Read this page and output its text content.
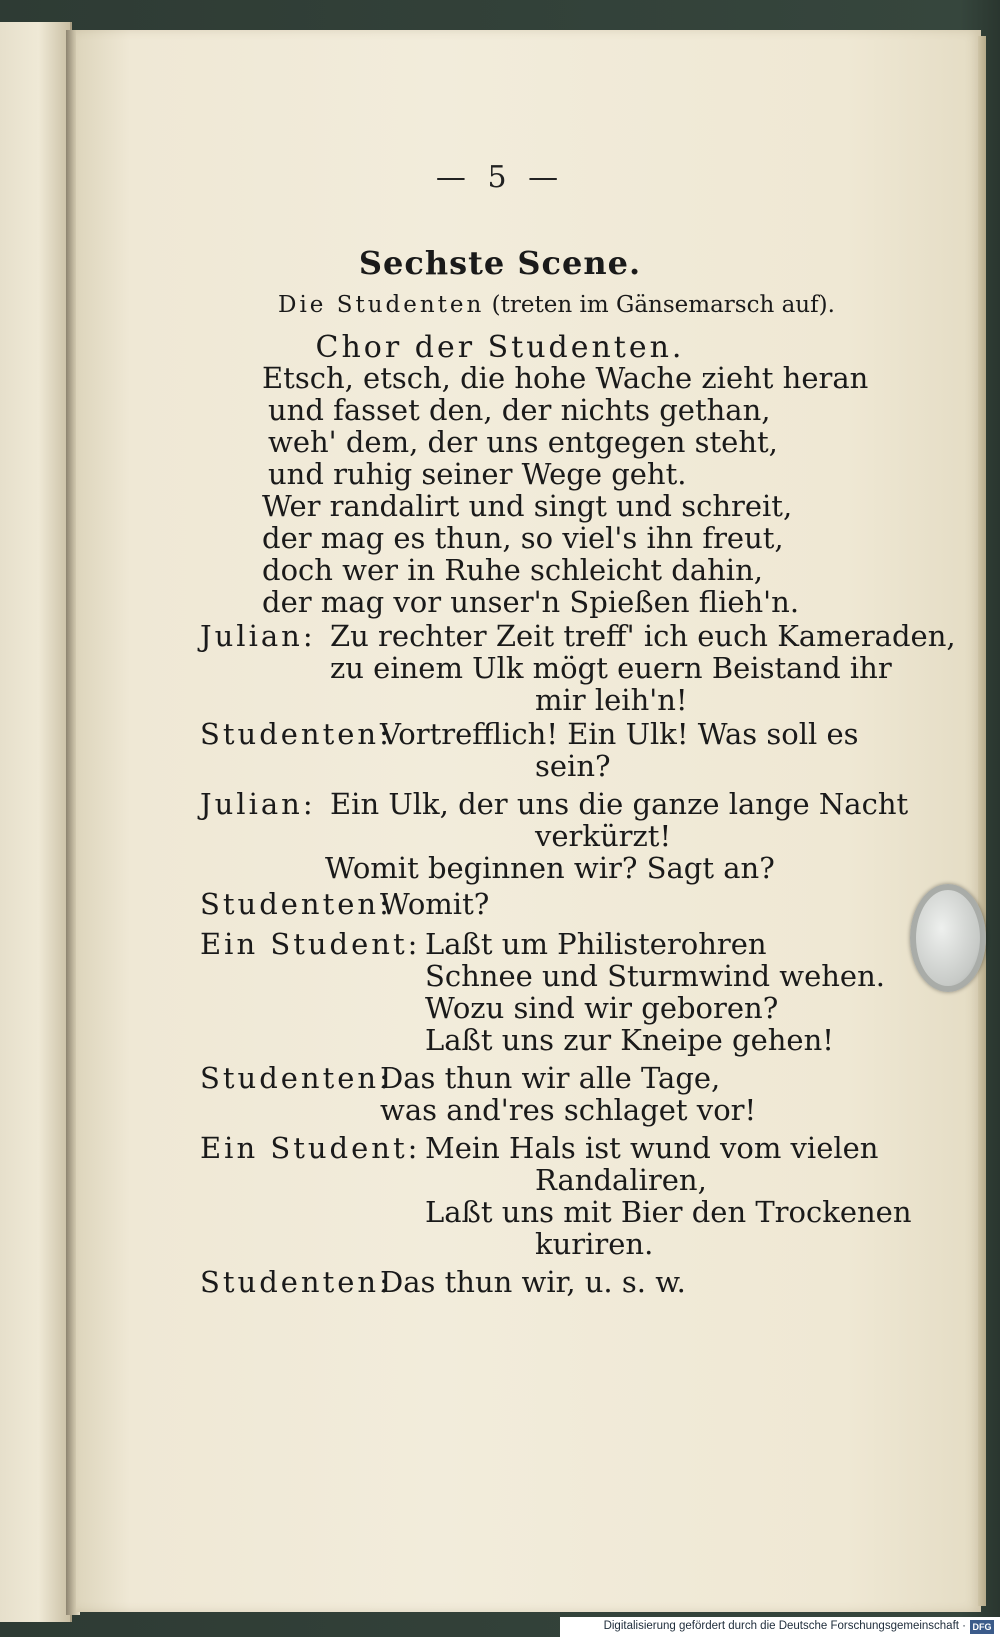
— 5 —
Sechste Scene.
Die Studenten (treten im Gänsemarsch auf).
Chor der Studenten.
Etsch, etsch, die hohe Wache zieht heran
und fasset den, der nichts gethan,
weh' dem, der uns entgegen steht,
und ruhig seiner Wege geht.
Wer randalirt und singt und schreit,
der mag es thun, so viel's ihn freut,
doch wer in Ruhe schleicht dahin,
der mag vor unser'n Spießen flieh'n.
Julian: Zu rechter Zeit treff' ich euch Kameraden,
zu einem Ulk mögt euern Beistand ihr
mir leih'n!
Studenten:
Vortrefflich! Ein Ulk! Was soll es
sein?
Julian: Ein Ulk, der uns die ganze lange Nacht
verkürzt!
Womit beginnen wir? Sagt an?
Studenten:
Womit?
Ein Student: Laßt um Philisterohren
Schnee und Sturmwind wehen.
Wozu sind wir geboren?
Laßt uns zur Kneipe gehen!
Studenten:
Das thun wir alle Tage,
was and'res schlaget vor!
Ein Student: Mein Hals ist wund vom vielen
Randaliren,
Laßt uns mit Bier den Trockenen
kuriren.
Studenten:
Das thun wir, u. s. w.
Digitalisierung gefördert durch die Deutsche Forschungsgemeinschaft · DFG
